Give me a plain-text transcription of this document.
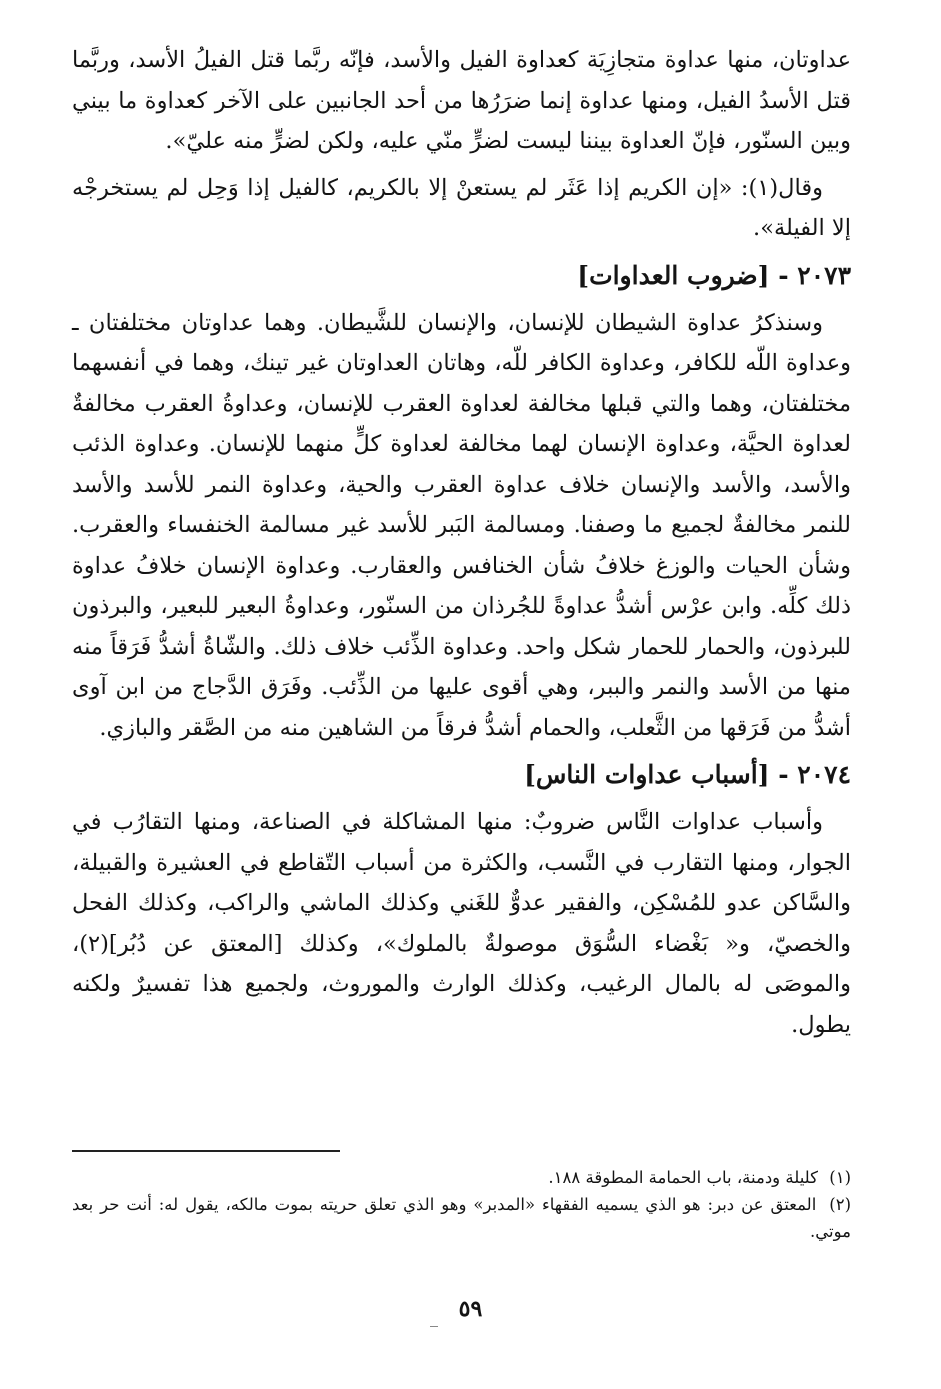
عداوتان، منها عداوة متجازِيَة كعداوة الفيل والأسد، فإنّه ربَّما قتل الفيلُ الأسد، وربَّما قتل الأسدُ الفيل، ومنها عداوة إنما ضرَرُها من أحد الجانبين على الآخر كعداوة ما بيني وبين السنّور، فإنّ العداوة بيننا ليست لضرٍّ منّي عليه، ولكن لضرٍّ منه عليّ».

وقال(١): «إن الكريم إذا عَثَر لم يستعنْ إلا بالكريم، كالفيل إذا وَحِل لم يستخرجْه إلا الفيلة».

٢٠٧٣ - [ضروب العداوات]

وسنذكرُ عداوة الشيطان للإنسان، والإنسان للشَّيطان. وهما عداوتان مختلفتان ـ وعداوة اللّه للكافر، وعداوة الكافر للّه، وهاتان العداوتان غير تينك، وهما في أنفسهما مختلفتان، وهما والتي قبلها مخالفة لعداوة العقرب للإنسان، وعداوةُ العقرب مخالفةٌ لعداوة الحيَّة، وعداوة الإنسان لهما مخالفة لعداوة كلٍّ منهما للإنسان. وعداوة الذئب والأسد، والأسد والإنسان خلاف عداوة العقرب والحية، وعداوة النمر للأسد والأسد للنمر مخالفةٌ لجميع ما وصفنا. ومسالمة البَبر للأسد غير مسالمة الخنفساء والعقرب. وشأن الحيات والوزغ خلافُ شأن الخنافس والعقارب. وعداوة الإنسان خلافُ عداوة ذلك كلِّه. وابن عرْس أشدُّ عداوةً للجُرذان من السنّور، وعداوةُ البعير للبعير، والبرذون للبرذون، والحمار للحمار شكل واحد. وعداوة الذِّئب خلاف ذلك. والشّاةُ أشدُّ فَرَقاً منه منها من الأسد والنمر والببر، وهي أقوى عليها من الذِّئب. وفَرَق الدَّجاج من ابن آوى أشدُّ من فَرَقها من الثَّعلب، والحمام أشدُّ فرقاً من الشاهين منه من الصَّقر والبازي.

٢٠٧٤ - [أسباب عداوات الناس]

وأسباب عداوات النَّاس ضروبٌ: منها المشاكلة في الصناعة، ومنها التقارُب في الجوار، ومنها التقارب في النَّسب، والكثرة من أسباب التّقاطع في العشيرة والقبيلة، والسَّاكن عدو للمُسْكِن، والفقير عدوٌّ للغَني وكذلك الماشي والراكب، وكذلك الفحل والخصيّ، و« بَغْضاء السُّوَق موصولةٌ بالملوك»، وكذلك [المعتق عن دُبُر](٢)، والموصَى له بالمال الرغيب، وكذلك الوارث والموروث، ولجميع هذا تفسيرٌ ولكنه يطول.

(١) كليلة ودمنة، باب الحمامة المطوقة ١٨٨.

(٢) المعتق عن دبر: هو الذي يسميه الفقهاء «المدبر» وهو الذي تعلق حريته بموت مالكه، يقول له: أنت حر بعد موتي.

٥٩
